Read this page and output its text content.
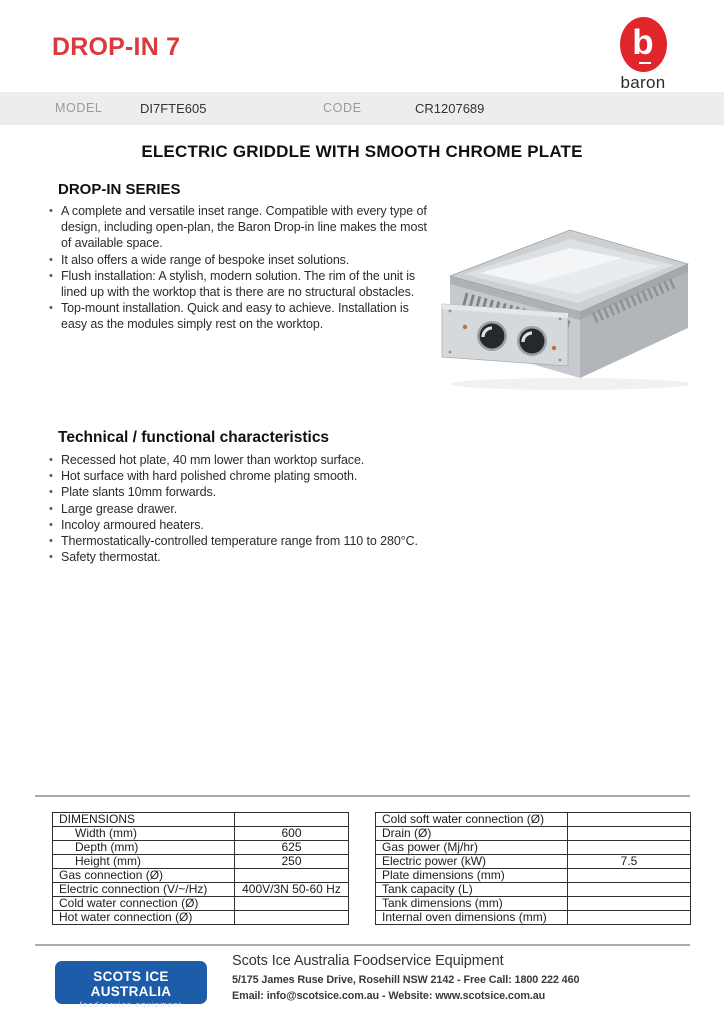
DROP-IN 7	b
baron
MODEL	DI7FTE605	CODE	CR1207689
ELECTRIC GRIDDLE WITH SMOOTH CHROME PLATE
DROP-IN SERIES
• A complete and versatile inset range. Compatible with every type of design, including open-plan, the Baron Drop-in line makes the most of available space.
• It also offers a wide range of bespoke inset solutions.
• Flush installation: A stylish, modern solution. The rim of the unit is lined up with the worktop that is there are no structural obstacles.
• Top-mount installation. Quick and easy to achieve. Installation is easy as the modules simply rest on the worktop.
Technical / functional characteristics
• Recessed hot plate, 40 mm lower than worktop surface.
• Hot surface with hard polished chrome plating smooth.
• Plate slants 10mm forwards.
• Large grease drawer.
• Incoloy armoured heaters.
• Thermostatically-controlled temperature range from 110 to 280°C.
• Safety thermostat.
DIMENSIONS	
Width (mm)	600
Depth (mm)	625
Height (mm)	250
Gas connection (Ø)	
Electric connection (V/~/Hz)	400V/3N 50-60 Hz
Cold water connection (Ø)	
Hot water connection (Ø)	
Cold soft water connection (Ø)	
Drain (Ø)	
Gas power (Mj/hr)	
Electric power (kW)	7.5
Plate dimensions (mm)	
Tank capacity (L)	
Tank dimensions (mm)	
Internal oven dimensions (mm)	
SCOTS ICE AUSTRALIA
foodservice equipment
Scots Ice Australia Foodservice Equipment
5/175 James Ruse Drive, Rosehill NSW 2142 - Free Call: 1800 222 460
Email: info@scotsice.com.au - Website: www.scotsice.com.au
